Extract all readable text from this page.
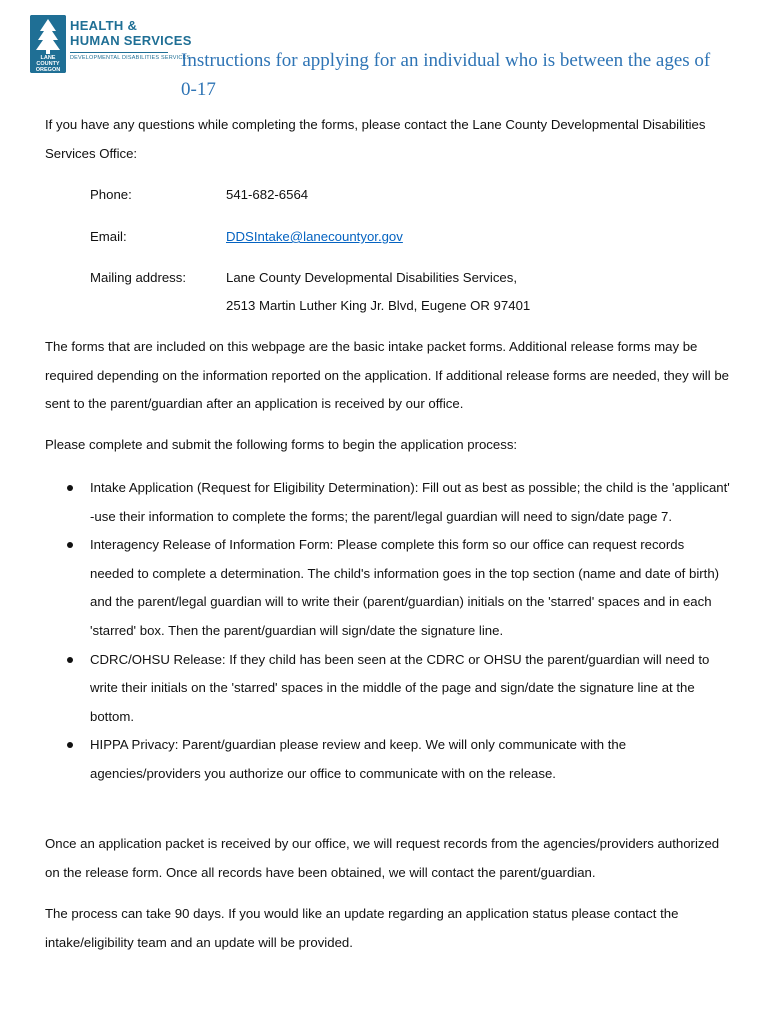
LANE COUNTY OREGON
HEALTH &
HUMAN SERVICES
DEVELOPMENTAL DISABILITIES SERVICES
Instructions for applying for an individual who is between the ages of 0-17

If you have any questions while completing the forms, please contact the Lane County Developmental Disabilities Services Office:

Phone:	541-682-6564
Email:	DDSIntake@lanecountyor.gov
Mailing address:	Lane County Developmental Disabilities Services,
2513 Martin Luther King Jr. Blvd, Eugene OR 97401

The forms that are included on this webpage are the basic intake packet forms. Additional release forms may be required depending on the information reported on the application. If additional release forms are needed, they will be sent to the parent/guardian after an application is received by our office.

Please complete and submit the following forms to begin the application process:

Intake Application (Request for Eligibility Determination): Fill out as best as possible; the child is the 'applicant' -use their information to complete the forms; the parent/legal guardian will need to sign/date page 7.
Interagency Release of Information Form: Please complete this form so our office can request records needed to complete a determination. The child's information goes in the top section (name and date of birth) and the parent/legal guardian will to write their (parent/guardian) initials on the 'starred' spaces and in each 'starred' box. Then the parent/guardian will sign/date the signature line.
CDRC/OHSU Release: If they child has been seen at the CDRC or OHSU the parent/guardian will need to write their initials on the 'starred' spaces in the middle of the page and sign/date the signature line at the bottom.
HIPPA Privacy: Parent/guardian please review and keep. We will only communicate with the agencies/providers you authorize our office to communicate with on the release.

Once an application packet is received by our office, we will request records from the agencies/providers authorized on the release form. Once all records have been obtained, we will contact the parent/guardian.

The process can take 90 days. If you would like an update regarding an application status please contact the intake/eligibility team and an update will be provided.
